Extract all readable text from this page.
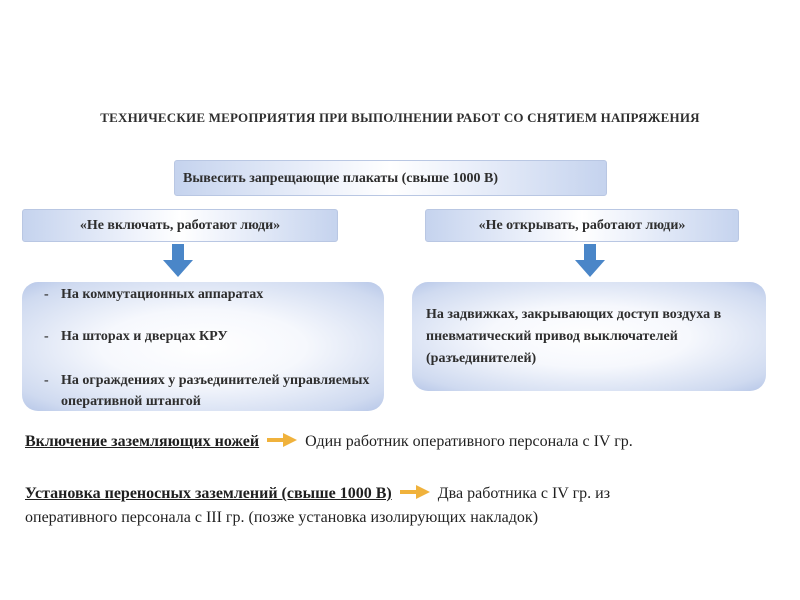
ТЕХНИЧЕСКИЕ МЕРОПРИЯТИЯ ПРИ ВЫПОЛНЕНИИ РАБОТ СО СНЯТИЕМ НАПРЯЖЕНИЯ
Вывесить запрещающие плакаты (свыше 1000 В)
«Не включать, работают люди»	«Не открывать, работают люди»
- На коммутационных аппаратах
- На шторах и дверцах КРУ
- На ограждениях у разъединителей управляемых оперативной штангой
На задвижках, закрывающих доступ воздуха в пневматический привод выключателей (разъединителей)
Включение заземляющих ножей	Один работник оперативного персонала с IV гр.
Установка переносных заземлений (свыше 1000 В)	Два работника с IV гр. из
оперативного персонала с III гр. (позже установка изолирующих накладок)
